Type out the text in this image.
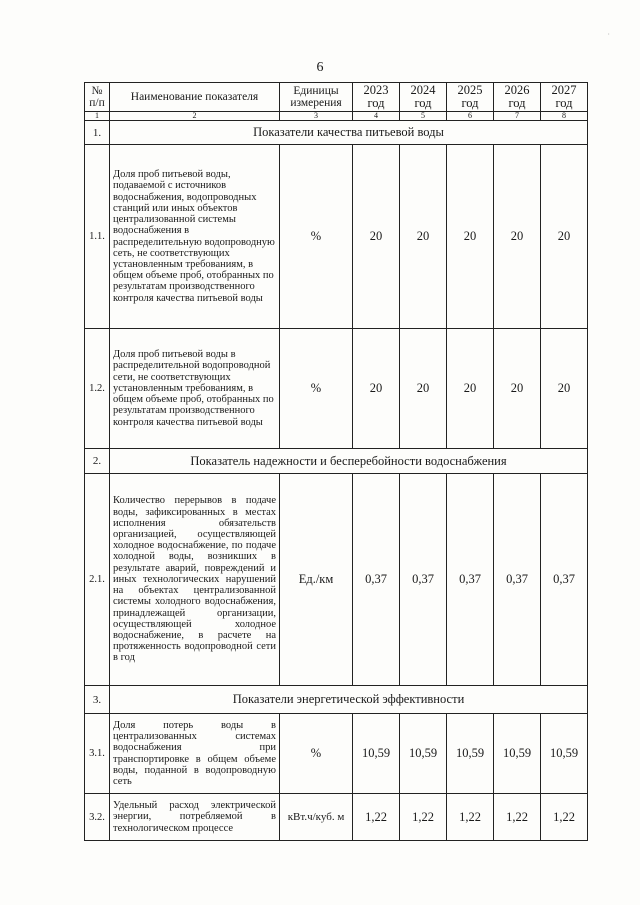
·
6
№ п/п	Наименование показателя	Единицы измерения	2023 год	2024 год	2025 год	2026 год	2027 год
1	2	3	4	5	6	7	8
1.	Показатели качества питьевой воды						
1.1.	Доля проб питьевой воды, подаваемой с источников водоснабжения, водопроводных станций или иных объектов централизованной системы водоснабжения в распределительную водопроводную сеть, не соответствующих установленным требованиям, в общем объеме проб, отобранных по результатам производственного контроля качества питьевой воды	%	20	20	20	20	20
1.2.	Доля проб питьевой воды в распределительной водопроводной сети, не соответствующих установленным требованиям, в общем объеме проб, отобранных по результатам производственного контроля качества питьевой воды	%	20	20	20	20	20
2.	Показатель надежности и бесперебойности водоснабжения						
2.1.	Количество перерывов в подаче воды, зафиксированных в местах исполнения обязательств организацией, осуществляющей холодное водоснабжение, по подаче холодной воды, возникших в результате аварий, повреждений и иных технологических нарушений на объектах централизованной системы холодного водоснабжения, принадлежащей организации, осуществляющей холодное водоснабжение, в расчете на протяженность водопроводной сети в год	Ед./км	0,37	0,37	0,37	0,37	0,37
3.	Показатели энергетической эффективности						
3.1.	Доля потерь воды в централизованных системах водоснабжения при транспортировке в общем объеме воды, поданной в водопроводную сеть	%	10,59	10,59	10,59	10,59	10,59
3.2.	Удельный расход электрической энергии, потребляемой в технологическом процессе	кВт.ч/куб. м	1,22	1,22	1,22	1,22	1,22
